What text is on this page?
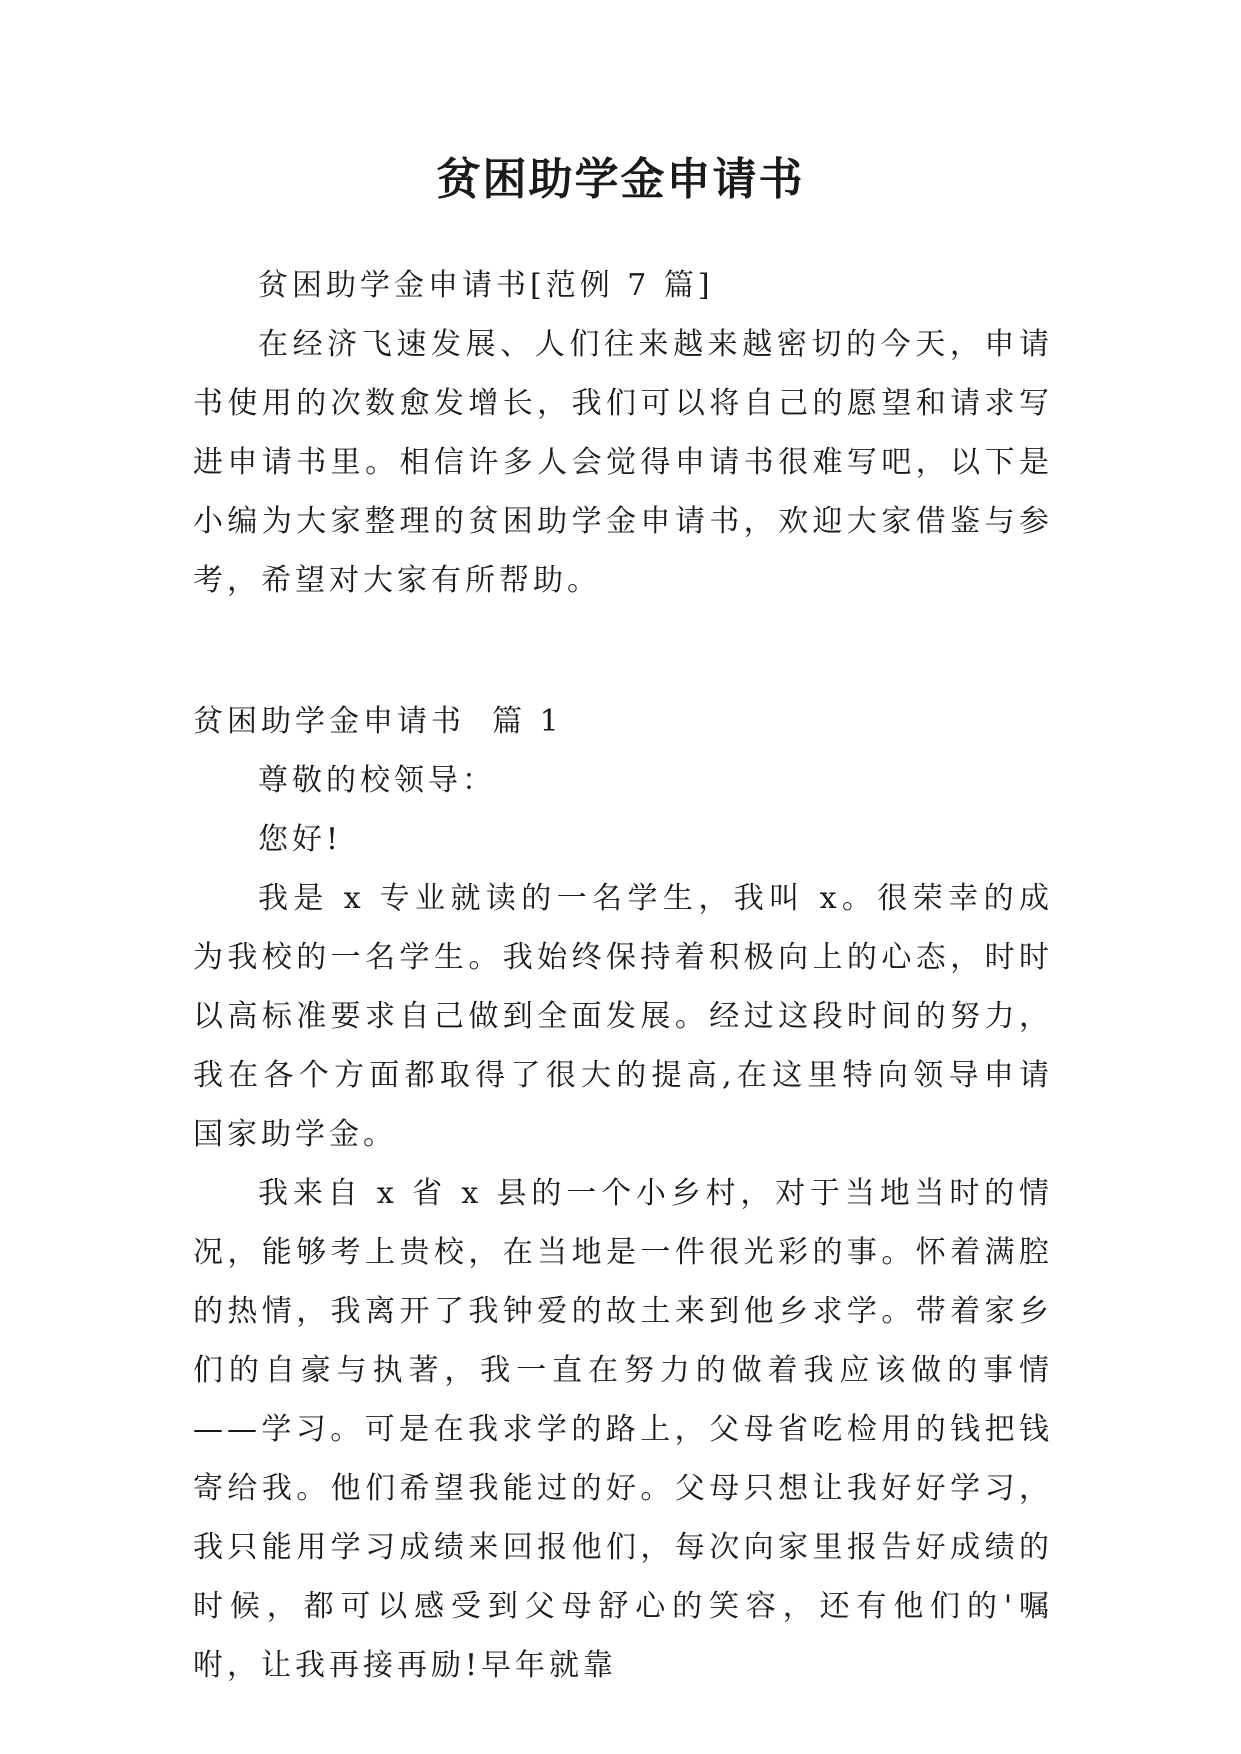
贫困助学金申请书

贫困助学金申请书[范例 7 篇]

在经济飞速发展、人们往来越来越密切的今天，申请书使用的次数愈发增长，我们可以将自己的愿望和请求写进申请书里。相信许多人会觉得申请书很难写吧，以下是小编为大家整理的贫困助学金申请书，欢迎大家借鉴与参考，希望对大家有所帮助。

贫困助学金申请书  篇 1

尊敬的校领导：

您好!

我是 x 专业就读的一名学生，我叫 x。很荣幸的成为我校的一名学生。我始终保持着积极向上的心态，时时以高标准要求自己做到全面发展。经过这段时间的努力，我在各个方面都取得了很大的提高,在这里特向领导申请国家助学金。

我来自 x 省 x 县的一个小乡村，对于当地当时的情况，能够考上贵校，在当地是一件很光彩的事。怀着满腔的热情，我离开了我钟爱的故土来到他乡求学。带着家乡们的自豪与执著，我一直在努力的做着我应该做的事情——学习。可是在我求学的路上，父母省吃检用的钱把钱寄给我。他们希望我能过的好。父母只想让我好好学习，我只能用学习成绩来回报他们，每次向家里报告好成绩的时候，都可以感受到父母舒心的笑容，还有他们的'嘱咐，让我再接再励!早年就靠
